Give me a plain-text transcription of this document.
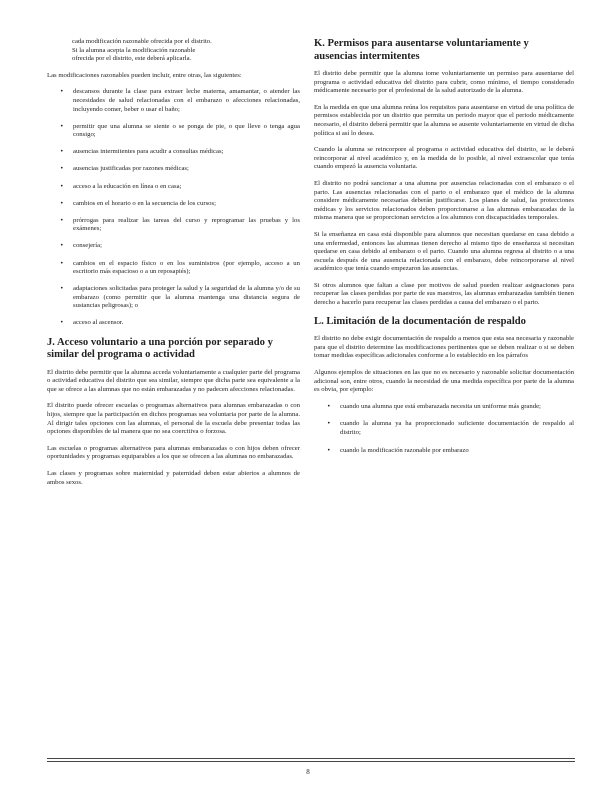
cada modificación razonable ofrecida por el distrito.

Si la alumna acepta la modificación razonable

ofrecida por el distrito, este deberá aplicarla.

Las modificaciones razonables pueden incluir, entre otras, las siguientes:

• descansos durante la clase para extraer leche materna, amamantar, o atender las necesidades de salud relacionadas con el embarazo o afecciones relacionadas, incluyendo comer, beber o usar el baño;
• permitir que una alumna se siente o se ponga de pie, o que lleve o tenga agua consigo;
• ausencias intermitentes para acudir a consultas médicas;
• ausencias justificadas por razones médicas;
• acceso a la educación en línea o en casa;
• cambios en el horario o en la secuencia de los cursos;
• prórrogas para realizar las tareas del curso y reprogramar las pruebas y los exámenes;
• consejería;
• cambios en el espacio físico o en los suministros (por ejemplo, acceso a un escritorio más espacioso o a un reposapiés);
• adaptaciones solicitadas para proteger la salud y la seguridad de la alumna y/o de su embarazo (como permitir que la alumna mantenga una distancia segura de sustancias peligrosas); o
• acceso al ascensor.
J. Acceso voluntario a una porción por separado y similar del programa o actividad

El distrito debe permitir que la alumna acceda voluntariamente a cualquier parte del programa o actividad educativa del distrito que sea similar, siempre que dicha parte sea equivalente a la que se ofrece a las alumnas que no están embarazadas y no padecen afecciones relacionadas.

El distrito puede ofrecer escuelas o programas alternativos para alumnas embarazadas o con hijos, siempre que la participación en dichos programas sea voluntaria por parte de la alumna. Al dirigir tales opciones con las alumnas, el personal de la escuela debe presentar todas las opciones disponibles de tal manera que no sea coercitiva o forzosa.

Las escuelas o programas alternativos para alumnas embarazadas o con hijos deben ofrecer oportunidades y programas equiparables a los que se ofrecen a las alumnas no embarazadas.

Las clases y programas sobre maternidad y paternidad deben estar abiertos a alumnos de ambos sexos.

K. Permisos para ausentarse voluntariamente y ausencias intermitentes

El distrito debe permitir que la alumna tome voluntariamente un permiso para ausentarse del programa o actividad educativa del distrito para cubrir, como mínimo, el tiempo considerado médicamente necesario por el profesional de la salud autorizado de la alumna.

En la medida en que una alumna reúna los requisitos para ausentarse en virtud de una política de permisos establecida por un distrito que permita un periodo mayor que el periodo médicamente necesario, el distrito deberá permitir que la alumna se ausente voluntariamente en virtud de dicha política si así lo desea.

Cuando la alumna se reincorpore al programa o actividad educativa del distrito, se le deberá reincorporar al nivel académico y, en la medida de lo posible, al nivel extraescolar que tenía cuando empezó la ausencia voluntaria.

El distrito no podrá sancionar a una alumna por ausencias relacionadas con el embarazo o el parto. Las ausencias relacionadas con el parto o el embarazo que el médico de la alumna considere médicamente necesarias deberán justificarse. Los planes de salud, las protecciones médicas y los servicios relacionados deben proporcionarse a las alumnas embarazadas de la misma manera que se proporcionan servicios a los alumnos con discapacidades temporales.

Si la enseñanza en casa está disponible para alumnos que necesitan quedarse en casa debido a una enfermedad, entonces las alumnas tienen derecho al mismo tipo de enseñanza si necesitan quedarse en casa debido al embarazo o el parto. Cuando una alumna regresa al distrito o a una escuela después de una ausencia relacionada con el embarazo, debe reincorporarse al nivel académico que tenía cuando empezaron las ausencias.

Si otros alumnos que faltan a clase por motivos de salud pueden realizar asignaciones para recuperar las clases perdidas por parte de sus maestros, las alumnas embarazadas también tienen derecho a hacerlo para recuperar las clases perdidas a causa del embarazo o el parto.

L. Limitación de la documentación de respaldo

El distrito no debe exigir documentación de respaldo a menos que esta sea necesaria y razonable para que el distrito determine las modificaciones pertinentes que se deben realizar o si se deben tomar medidas específicas adicionales conforme a lo establecido en los párrafos

Algunos ejemplos de situaciones en las que no es necesario y razonable solicitar documentación adicional son, entre otros, cuando la necesidad de una medida específica por parte de la alumna es obvia, por ejemplo:

• cuando una alumna que está embarazada necesita un uniforme más grande;
• cuando la alumna ya ha proporcionado suficiente documentación de respaldo al distrito;
• cuando la modificación razonable por embarazo
8
